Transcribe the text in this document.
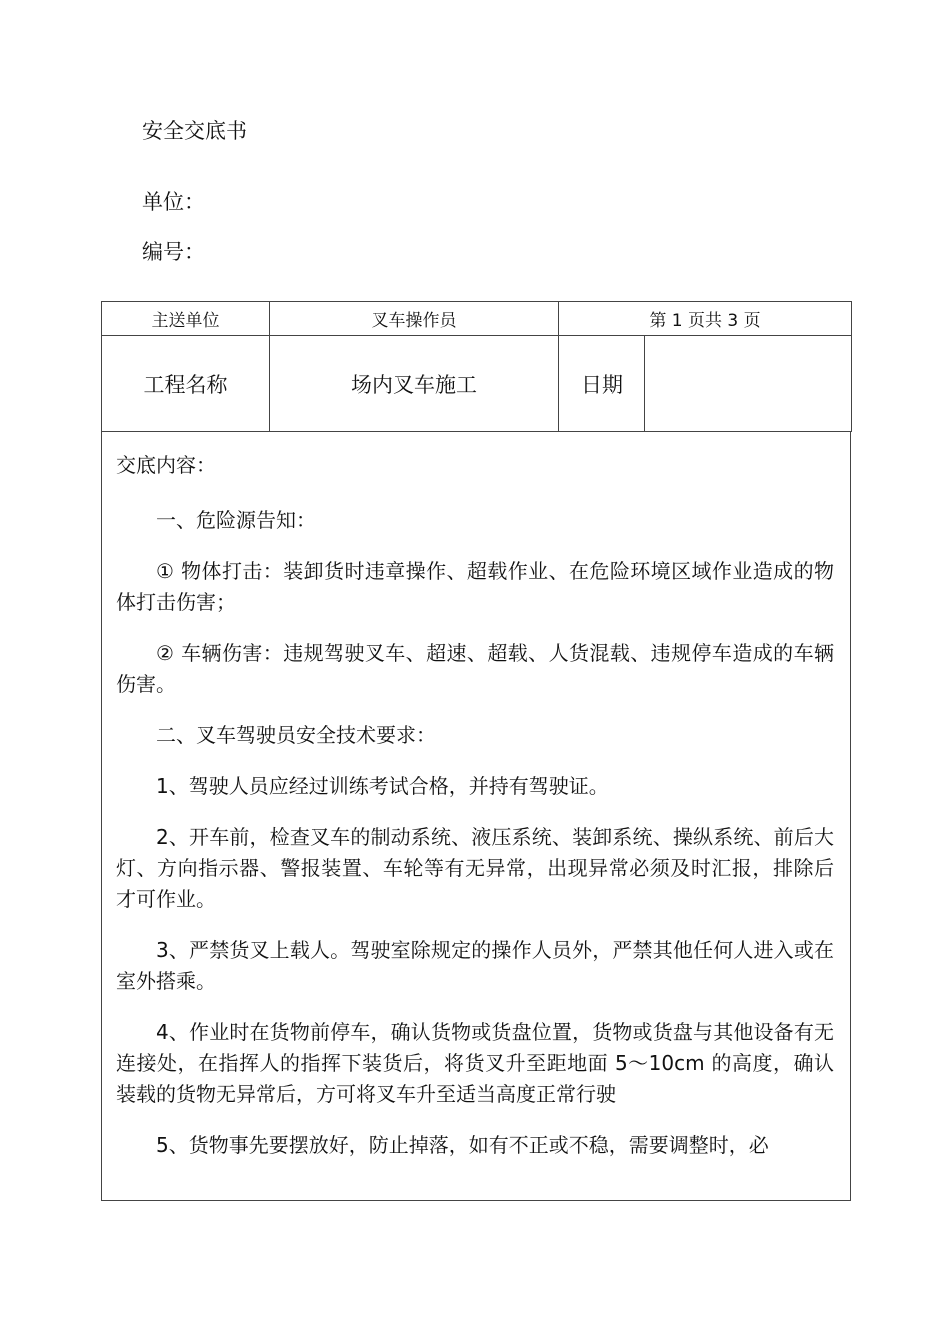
安全交底书
单位：
编号：
主送单位	叉车操作员	第 1 页共 3 页	
工程名称	场内叉车施工	日期	

交底内容：

一、危险源告知：

① 物体打击：装卸货时违章操作、超载作业、在危险环境区域作业造成的物体打击伤害；

② 车辆伤害：违规驾驶叉车、超速、超载、人货混载、违规停车造成的车辆伤害。

二、叉车驾驶员安全技术要求：

1、驾驶人员应经过训练考试合格，并持有驾驶证。

2、开车前，检查叉车的制动系统、液压系统、装卸系统、操纵系统、前后大灯、方向指示器、警报装置、车轮等有无异常，出现异常必须及时汇报，排除后才可作业。

3、严禁货叉上载人。驾驶室除规定的操作人员外，严禁其他任何人进入或在室外搭乘。

4、作业时在货物前停车，确认货物或货盘位置，货物或货盘与其他设备有无连接处，在指挥人的指挥下装货后，将货叉升至距地面 5〜10cm 的高度，确认装载的货物无异常后，方可将叉车升至适当高度正常行驶

5、货物事先要摆放好，防止掉落，如有不正或不稳，需要调整时，必
